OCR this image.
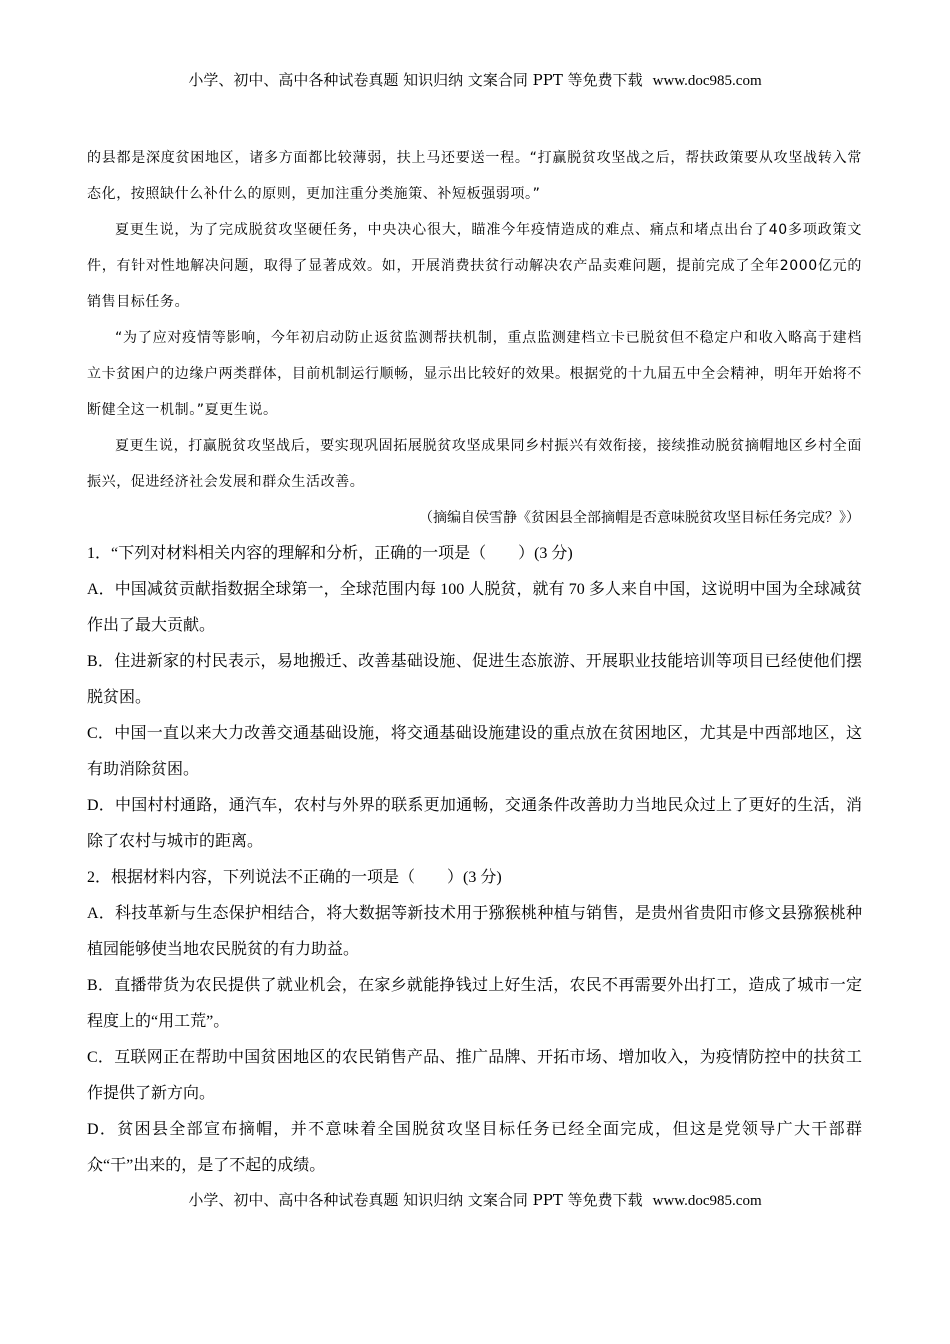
小学、初中、高中各种试卷真题 知识归纳 文案合同 PPT 等免费下载 www.doc985.com

的县都是深度贫困地区，诸多方面都比较薄弱，扶上马还要送一程。“打赢脱贫攻坚战之后，帮扶政策要从攻坚战转入常态化，按照缺什么补什么的原则，更加注重分类施策、补短板强弱项。”

夏更生说，为了完成脱贫攻坚硬任务，中央决心很大，瞄准今年疫情造成的难点、痛点和堵点出台了40多项政策文件，有针对性地解决问题，取得了显著成效。如，开展消费扶贫行动解决农产品卖难问题，提前完成了全年2000亿元的销售目标任务。

“为了应对疫情等影响，今年初启动防止返贫监测帮扶机制，重点监测建档立卡已脱贫但不稳定户和收入略高于建档立卡贫困户的边缘户两类群体，目前机制运行顺畅，显示出比较好的效果。根据党的十九届五中全会精神，明年开始将不断健全这一机制。”夏更生说。

夏更生说，打赢脱贫攻坚战后，要实现巩固拓展脱贫攻坚成果同乡村振兴有效衔接，接续推动脱贫摘帽地区乡村全面振兴，促进经济社会发展和群众生活改善。

（摘编自侯雪静《贫困县全部摘帽是否意味脱贫攻坚目标任务完成？》）

1．“下列对材料相关内容的理解和分析，正确的一项是（　　）(3 分)

A．中国减贫贡献指数据全球第一，全球范围内每 100 人脱贫，就有 70 多人来自中国，这说明中国为全球减贫作出了最大贡献。

B．住进新家的村民表示，易地搬迁、改善基础设施、促进生态旅游、开展职业技能培训等项目已经使他们摆脱贫困。

C．中国一直以来大力改善交通基础设施，将交通基础设施建设的重点放在贫困地区，尤其是中西部地区，这有助消除贫困。

D．中国村村通路，通汽车，农村与外界的联系更加通畅，交通条件改善助力当地民众过上了更好的生活，消除了农村与城市的距离。

2．根据材料内容，下列说法不正确的一项是（　　）(3 分)

A．科技革新与生态保护相结合，将大数据等新技术用于猕猴桃种植与销售，是贵州省贵阳市修文县猕猴桃种植园能够使当地农民脱贫的有力助益。

B．直播带货为农民提供了就业机会，在家乡就能挣钱过上好生活，农民不再需要外出打工，造成了城市一定程度上的“用工荒”。

C．互联网正在帮助中国贫困地区的农民销售产品、推广品牌、开拓市场、增加收入，为疫情防控中的扶贫工作提供了新方向。

D．贫困县全部宣布摘帽，并不意味着全国脱贫攻坚目标任务已经全面完成，但这是党领导广大干部群众“干”出来的，是了不起的成绩。

小学、初中、高中各种试卷真题 知识归纳 文案合同 PPT 等免费下载 www.doc985.com
